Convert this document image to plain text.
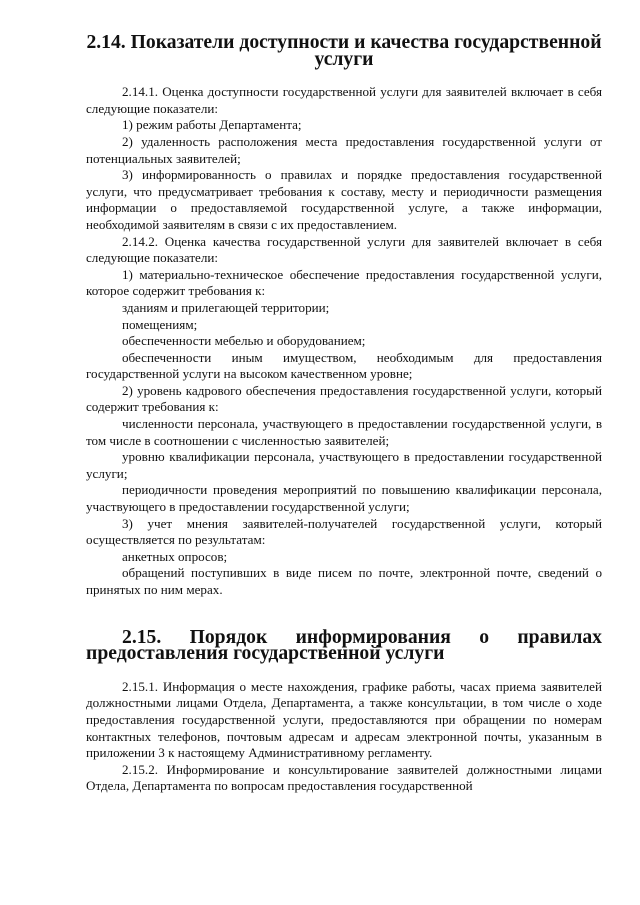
2.14. Показатели доступности и качества государственной услуги

2.14.1. Оценка доступности государственной услуги для заявителей включает в себя следующие показатели:

1) режим работы Департамента;

2) удаленность расположения места предоставления государственной услуги от потенциальных заявителей;

3) информированность о правилах и порядке предоставления государственной услуги, что предусматривает требования к составу, месту и периодичности размещения информации о предоставляемой государственной услуге, а также информации, необходимой заявителям в связи с их предоставлением.

2.14.2. Оценка качества государственной услуги для заявителей включает в себя следующие показатели:

1) материально-техническое обеспечение предоставления государственной услуги, которое содержит требования к:

зданиям и прилегающей территории;

помещениям;

обеспеченности мебелью и оборудованием;

обеспеченности иным имуществом, необходимым для предоставления государственной услуги на высоком качественном уровне;

2) уровень кадрового обеспечения предоставления государственной услуги, который содержит требования к:

численности персонала, участвующего в предоставлении государственной услуги, в том числе в соотношении с численностью заявителей;

уровню квалификации персонала, участвующего в предоставлении государственной услуги;

периодичности проведения мероприятий по повышению квалификации персонала, участвующего в предоставлении государственной услуги;

3) учет мнения заявителей-получателей государственной услуги, который осуществляется по результатам:

анкетных опросов;

обращений поступивших в виде писем по почте, электронной почте, сведений о принятых по ним мерах.

2.15. Порядок информирования о правилах предоставления государственной услуги

2.15.1. Информация о месте нахождения, графике работы, часах приема заявителей должностными лицами Отдела, Департамента, а также консультации, в том числе о ходе предоставления государственной услуги, предоставляются при обращении по номерам контактных телефонов, почтовым адресам и адресам электронной почты, указанным в приложении 3 к настоящему Административному регламенту.

2.15.2. Информирование и консультирование заявителей должностными лицами Отдела, Департамента по вопросам предоставления государственной
